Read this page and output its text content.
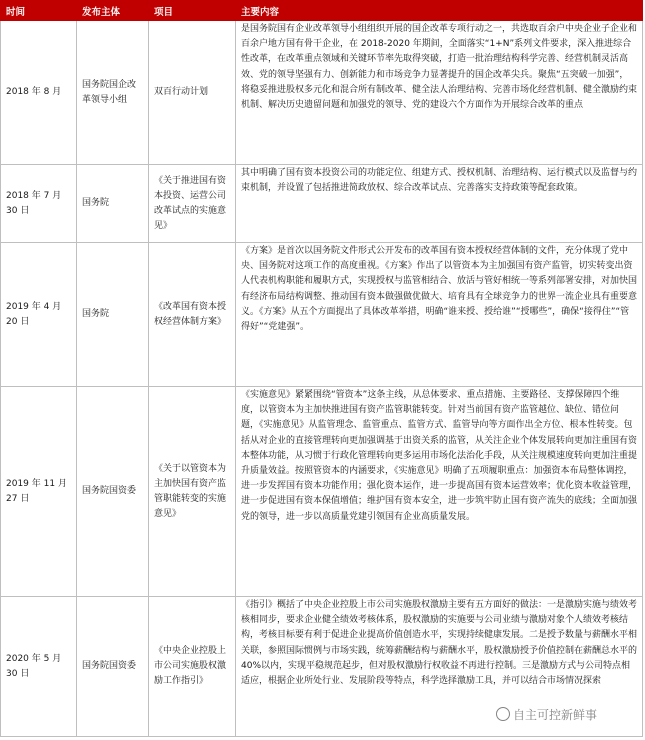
时间	发布主体	项目	主要内容
2018 年 8 月	国务院国企改革领导小组	双百行动计划	是国务院国有企业改革领导小组组织开展的国企改革专项行动之一，共选取百余户中央企业子企业和百余户地方国有骨干企业，在 2018-2020 年期间，全面落实“1+N”系列文件要求，深入推进综合性改革，在改革重点领域和关键环节率先取得突破，打造一批治理结构科学完善、经营机制灵活高效、党的领导坚强有力、创新能力和市场竞争力显著提升的国企改革尖兵。聚焦“五突破一加强”，将稳妥推进股权多元化和混合所有制改革、健全法人治理结构、完善市场化经营机制、健全激励约束机制、解决历史遗留问题和加强党的领导、党的建设六个方面作为开展综合改革的重点
2018 年 7 月30 日	国务院	《关于推进国有资本投资、运营公司改革试点的实施意见》	其中明确了国有资本投资公司的功能定位、组建方式、授权机制、治理结构、运行模式以及监督与约束机制，并设置了包括推进简政放权、综合改革试点、完善落实支持政策等配套政策。
2019 年 4 月20 日	国务院	《改革国有资本授权经营体制方案》	《方案》是首次以国务院文件形式公开发布的改革国有资本授权经营体制的文件，充分体现了党中央、国务院对这项工作的高度重视。《方案》作出了以管资本为主加强国有资产监管，切实转变出资人代表机构职能和履职方式，实现授权与监管相结合、放活与管好相统一等系列部署安排，对加快国有经济布局结构调整、推动国有资本做强做优做大、培育具有全球竞争力的世界一流企业具有重要意义。《方案》从五个方面提出了具体改革举措，明确“谁来授、授给谁”“授哪些”，确保“接得住”“管得好”“党建强”。
2019 年 11 月27 日	国务院国资委	《关于以管资本为主加快国有资产监管职能转变的实施意见》	《实施意见》紧紧围绕“管资本”这条主线，从总体要求、重点措施、主要路径、支撑保障四个维度，以管资本为主加快推进国有资产监管职能转变。针对当前国有资产监管越位、缺位、错位问题，《实施意见》从监管理念、监管重点、监管方式、监管导向等方面作出全方位、根本性转变。包括从对企业的直接管理转向更加强调基于出资关系的监管，从关注企业个体发展转向更加注重国有资本整体功能，从习惯于行政化管理转向更多运用市场化法治化手段，从关注规模速度转向更加注重提升质量效益。按照管资本的内涵要求，《实施意见》明确了五项履职重点：加强资本布局整体调控，进一步发挥国有资本功能作用；强化资本运作，进一步提高国有资本运营效率；优化资本收益管理，进一步促进国有资本保值增值；维护国有资本安全，进一步筑牢防止国有资产流失的底线；全面加强党的领导，进一步以高质量党建引领国有企业高质量发展。
2020 年 5 月30 日	国务院国资委	《中央企业控股上市公司实施股权激励工作指引》	《指引》概括了中央企业控股上市公司实施股权激励主要有五方面好的做法：一是激励实施与绩效考核相同步，要求企业健全绩效考核体系，股权激励的实施要与公司业绩与激励对象个人绩效考核结构，考核目标要有利于促进企业提高价值创造水平，实现持续健康发展。二是授予数量与薪酬水平相关联，参照国际惯例与市场实践，统筹薪酬结构与薪酬水平，股权激励授予价值控制在薪酬总水平的 40%以内，实现平稳规范起步，但对股权激励行权收益不再进行控制。三是激励方式与公司特点相适应，根据企业所处行业、发展阶段等特点，科学选择激励工具，并可以结合市场情况探索
自主可控新鲜事
